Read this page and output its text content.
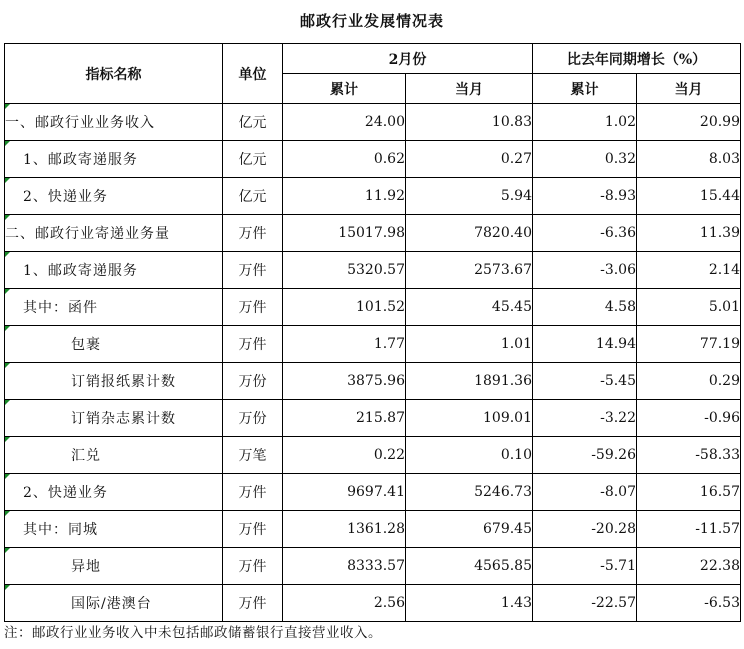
邮政行业发展情况表
指标名称	单位	2月份		比去年同期增长（%）	
		累计	当月	累计	当月
一、邮政行业业务收入	亿元	24.00	10.83	1.02	20.99
1、邮政寄递服务	亿元	0.62	0.27	0.32	8.03
2、快递业务	亿元	11.92	5.94	-8.93	15.44
二、邮政行业寄递业务量	万件	15017.98	7820.40	-6.36	11.39
1、邮政寄递服务	万件	5320.57	2573.67	-3.06	2.14
其中：函件	万件	101.52	45.45	4.58	5.01
包裹	万件	1.77	1.01	14.94	77.19
订销报纸累计数	万份	3875.96	1891.36	-5.45	0.29
订销杂志累计数	万份	215.87	109.01	-3.22	-0.96
汇兑	万笔	0.22	0.10	-59.26	-58.33
2、快递业务	万件	9697.41	5246.73	-8.07	16.57
其中：同城	万件	1361.28	679.45	-20.28	-11.57
异地	万件	8333.57	4565.85	-5.71	22.38
国际/港澳台	万件	2.56	1.43	-22.57	-6.53
注：邮政行业业务收入中未包括邮政储蓄银行直接营业收入。
